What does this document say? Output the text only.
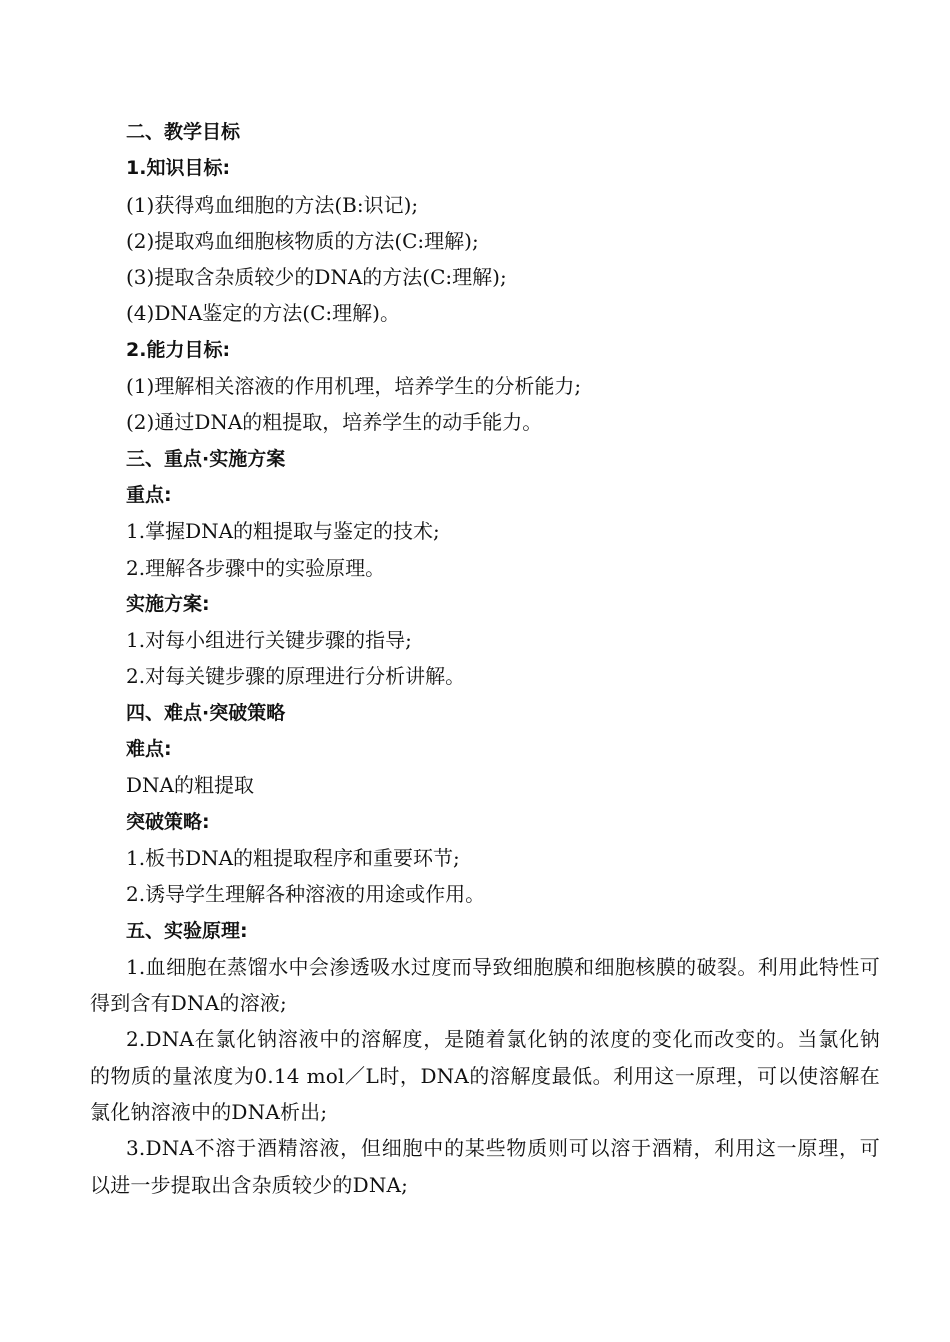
二、教学目标
1.知识目标:
(1)获得鸡血细胞的方法(B:识记);
(2)提取鸡血细胞核物质的方法(C:理解);
(3)提取含杂质较少的DNA的方法(C:理解);
(4)DNA鉴定的方法(C:理解)。
2.能力目标:
(1)理解相关溶液的作用机理，培养学生的分析能力;
(2)通过DNA的粗提取，培养学生的动手能力。
三、重点·实施方案
重点:
1.掌握DNA的粗提取与鉴定的技术;
2.理解各步骤中的实验原理。
实施方案:
1.对每小组进行关键步骤的指导;
2.对每关键步骤的原理进行分析讲解。
四、难点·突破策略
难点:
DNA的粗提取
突破策略:
1.板书DNA的粗提取程序和重要环节;
2.诱导学生理解各种溶液的用途或作用。
五、实验原理:
1.血细胞在蒸馏水中会渗透吸水过度而导致细胞膜和细胞核膜的破裂。利用此特性可得到含有DNA的溶液;
2.DNA在氯化钠溶液中的溶解度，是随着氯化钠的浓度的变化而改变的。当氯化钠的物质的量浓度为0.14 mol／L时，DNA的溶解度最低。利用这一原理，可以使溶解在氯化钠溶液中的DNA析出;
3.DNA不溶于酒精溶液，但细胞中的某些物质则可以溶于酒精，利用这一原理，可以进一步提取出含杂质较少的DNA;
